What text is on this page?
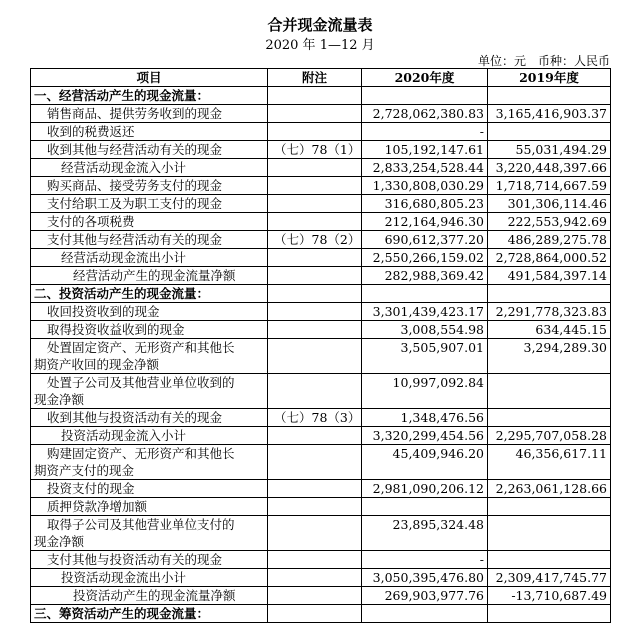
合并现金流量表
2020 年 1—12 月
单位：元　币种：人民币
项目	附注	2020年度	2019年度
一、经营活动产生的现金流量：			
销售商品、提供劳务收到的现金		2,728,062,380.83	3,165,416,903.37
收到的税费返还		-	
收到其他与经营活动有关的现金	（七）78（1）	105,192,147.61	55,031,494.29
经营活动现金流入小计		2,833,254,528.44	3,220,448,397.66
购买商品、接受劳务支付的现金		1,330,808,030.29	1,718,714,667.59
支付给职工及为职工支付的现金		316,680,805.23	301,306,114.46
支付的各项税费		212,164,946.30	222,553,942.69
支付其他与经营活动有关的现金	（七）78（2）	690,612,377.20	486,289,275.78
经营活动现金流出小计		2,550,266,159.02	2,728,864,000.52
经营活动产生的现金流量净额		282,988,369.42	491,584,397.14
二、投资活动产生的现金流量：			
收回投资收到的现金		3,301,439,423.17	2,291,778,323.83
取得投资收益收到的现金		3,008,554.98	634,445.15
处置固定资产、无形资产和其他长
期资产收回的现金净额		3,505,907.01	3,294,289.30
处置子公司及其他营业单位收到的
现金净额		10,997,092.84	
收到其他与投资活动有关的现金	（七）78（3）	1,348,476.56	
投资活动现金流入小计		3,320,299,454.56	2,295,707,058.28
购建固定资产、无形资产和其他长
期资产支付的现金		45,409,946.20	46,356,617.11
投资支付的现金		2,981,090,206.12	2,263,061,128.66
质押贷款净增加额			
取得子公司及其他营业单位支付的
现金净额		23,895,324.48	
支付其他与投资活动有关的现金		-	
投资活动现金流出小计		3,050,395,476.80	2,309,417,745.77
投资活动产生的现金流量净额		269,903,977.76	-13,710,687.49
三、筹资活动产生的现金流量：			
